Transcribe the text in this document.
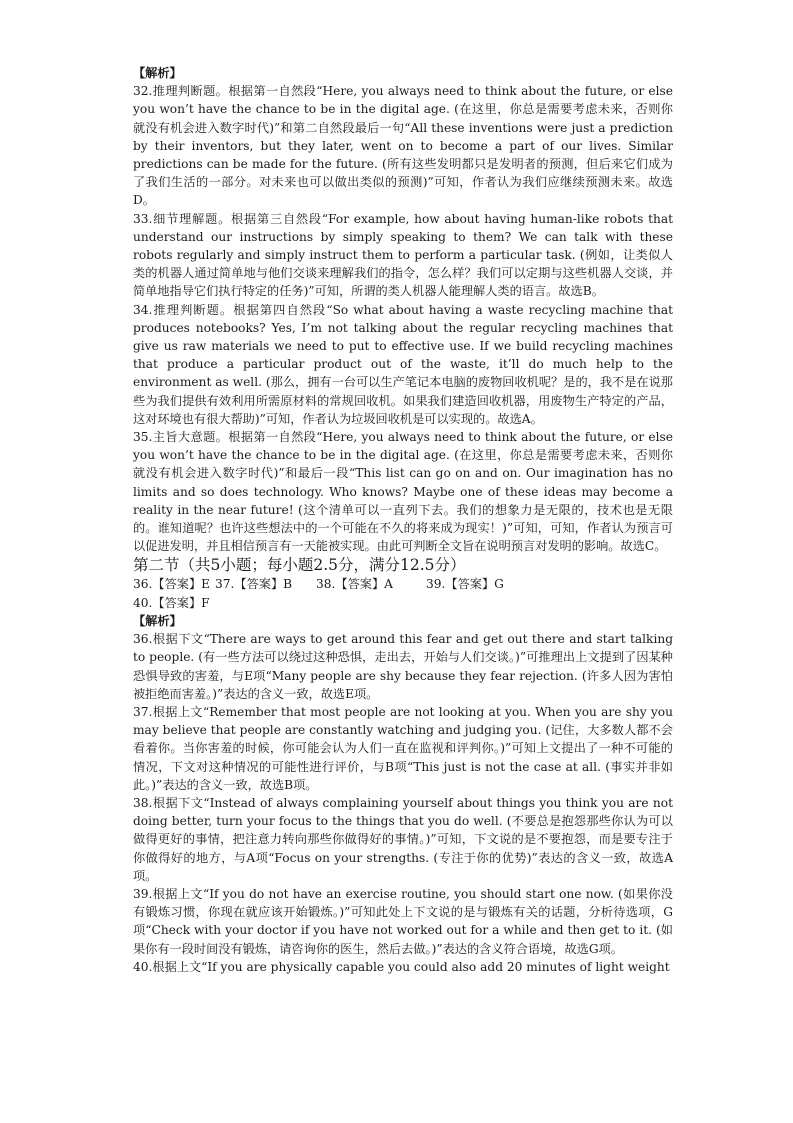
【解析】

32.推理判断题。根据第一自然段“Here, you always need to think about the future, or else you won’t have the chance to be in the digital age. (在这里，你总是需要考虑未来，否则你就没有机会进入数字时代)”和第二自然段最后一句“All these inventions were just a prediction by their inventors, but they later, went on to become a part of our lives. Similar predictions can be made for the future. (所有这些发明都只是发明者的预测，但后来它们成为了我们生活的一部分。对未来也可以做出类似的预测)”可知，作者认为我们应继续预测未来。故选D。

33.细节理解题。根据第三自然段“For example, how about having human-like robots that understand our instructions by simply speaking to them? We can talk with these robots regularly and simply instruct them to perform a particular task. (例如，让类似人类的机器人通过简单地与他们交谈来理解我们的指令，怎么样？我们可以定期与这些机器人交谈，并简单地指导它们执行特定的任务)”可知，所谓的类人机器人能理解人类的语言。故选B。

34.推理判断题。根据第四自然段“So what about having a waste recycling machine that produces notebooks? Yes, I’m not talking about the regular recycling machines that give us raw materials we need to put to effective use. If we build recycling machines that produce a particular product out of the waste, it’ll do much help to the environment as well. (那么，拥有一台可以生产笔记本电脑的废物回收机呢？是的，我不是在说那些为我们提供有效利用所需原材料的常规回收机。如果我们建造回收机器，用废物生产特定的产品，这对环境也有很大帮助)”可知，作者认为垃圾回收机是可以实现的。故选A。

35.主旨大意题。根据第一自然段“Here, you always need to think about the future, or else you won’t have the chance to be in the digital age. (在这里，你总是需要考虑未来，否则你就没有机会进入数字时代)”和最后一段“This list can go on and on. Our imagination has no limits and so does technology. Who knows? Maybe one of these ideas may become a reality in the near future! (这个清单可以一直列下去。我们的想象力是无限的，技术也是无限的。谁知道呢？也许这些想法中的一个可能在不久的将来成为现实！)”可知，可知，作者认为预言可以促进发明，并且相信预言有一天能被实现。由此可判断全文旨在说明预言对发明的影响。故选C。

第二节（共5小题；每小题2.5分，满分12.5分）

36.【答案】E 37.【答案】B	38.【答案】A	39.【答案】G

40.【答案】F

【解析】

36.根据下文“There are ways to get around this fear and get out there and start talking to people. (有一些方法可以绕过这种恐惧，走出去，开始与人们交谈。)”可推理出上文提到了因某种恐惧导致的害羞，与E项“Many people are shy because they fear rejection. (许多人因为害怕被拒绝而害羞。)”表达的含义一致，故选E项。

37.根据上文“Remember that most people are not looking at you. When you are shy you may believe that people are constantly watching and judging you. (记住，大多数人都不会看着你。当你害羞的时候，你可能会认为人们一直在监视和评判你。)”可知上文提出了一种不可能的情况，下文对这种情况的可能性进行评价，与B项“This just is not the case at all. (事实并非如此。)”表达的含义一致，故选B项。

38.根据下文“Instead of always complaining yourself about things you think you are not doing better, turn your focus to the things that you do well. (不要总是抱怨那些你认为可以做得更好的事情，把注意力转向那些你做得好的事情。)”可知，下文说的是不要抱怨，而是要专注于你做得好的地方，与A项“Focus on your strengths. (专注于你的优势)”表达的含义一致，故选A项。

39.根据上文“If you do not have an exercise routine, you should start one now. (如果你没有锻炼习惯，你现在就应该开始锻炼。)”可知此处上下文说的是与锻炼有关的话题，分析待选项，G项“Check with your doctor if you have not worked out for a while and then get to it. (如果你有一段时间没有锻炼，请咨询你的医生，然后去做。)”表达的含义符合语境，故选G项。

40.根据上文“If you are physically capable you could also add 20 minutes of light weight
